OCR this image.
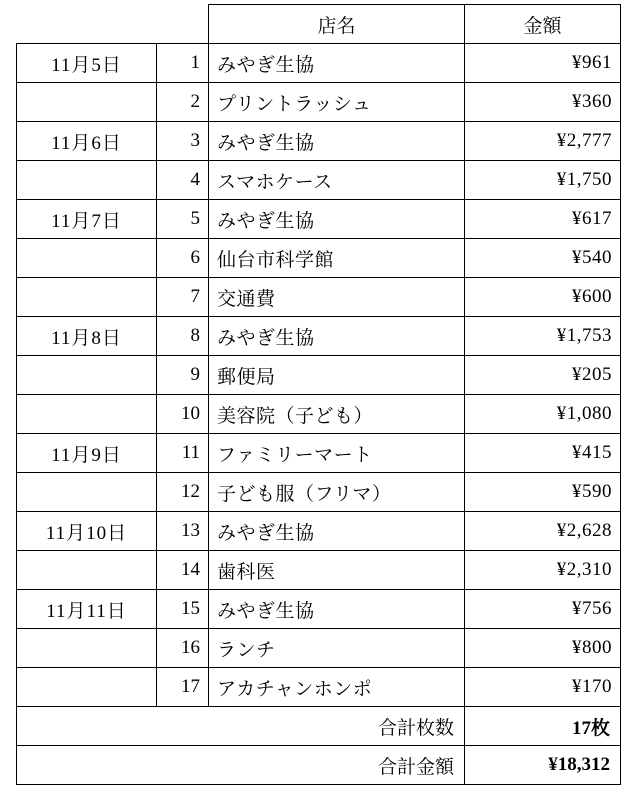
		店名	金額
11月5日	1	みやぎ生協	¥961
	2	プリントラッシュ	¥360
11月6日	3	みやぎ生協	¥2,777
	4	スマホケース	¥1,750
11月7日	5	みやぎ生協	¥617
	6	仙台市科学館	¥540
	7	交通費	¥600
11月8日	8	みやぎ生協	¥1,753
	9	郵便局	¥205
	10	美容院（子ども）	¥1,080
11月9日	11	ファミリーマート	¥415
	12	子ども服（フリマ）	¥590
11月10日	13	みやぎ生協	¥2,628
	14	歯科医	¥2,310
11月11日	15	みやぎ生協	¥756
	16	ランチ	¥800
	17	アカチャンホンポ	¥170
合計枚数			17枚
合計金額			¥18,312
